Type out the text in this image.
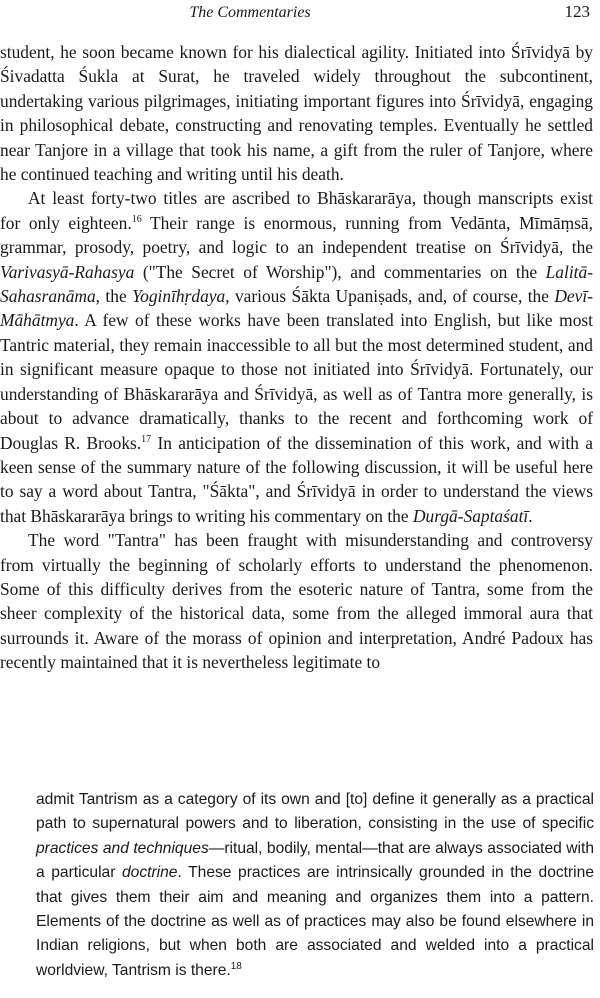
The Commentaries	123

student, he soon became known for his dialectical agility. Initiated into Śrīvidyā by Śivadatta Śukla at Surat, he traveled widely throughout the subcontinent, undertaking various pilgrimages, initiating important figures into Śrīvidyā, engaging in philosophical debate, constructing and renovating temples. Eventually he settled near Tanjore in a village that took his name, a gift from the ruler of Tanjore, where he continued teaching and writing until his death.

At least forty-two titles are ascribed to Bhāskararāya, though manscripts exist for only eighteen.$^{16}$ Their range is enormous, running from Vedānta, Mīmāṃsā, grammar, prosody, poetry, and logic to an independent treatise on Śrīvidyā, the Varivasyā-Rahasya ("The Secret of Worship"), and commentaries on the Lalitā-Sahasranāma, the Yoginīhṛdaya, various Śākta Upaniṣads, and, of course, the Devī-Māhātmya. A few of these works have been translated into English, but like most Tantric material, they remain inaccessible to all but the most determined student, and in significant measure opaque to those not initiated into Śrīvidyā. Fortunately, our understanding of Bhāskararāya and Śrīvidyā, as well as of Tantra more generally, is about to advance dramatically, thanks to the recent and forthcoming work of Douglas R. Brooks.$^{17}$ In anticipation of the dissemination of this work, and with a keen sense of the summary nature of the following discussion, it will be useful here to say a word about Tantra, "Śākta", and Śrīvidyā in order to understand the views that Bhāskararāya brings to writing his commentary on the Durgā-Saptaśatī.

The word "Tantra" has been fraught with misunderstanding and controversy from virtually the beginning of scholarly efforts to understand the phenomenon. Some of this difficulty derives from the esoteric nature of Tantra, some from the sheer complexity of the historical data, some from the alleged immoral aura that surrounds it. Aware of the morass of opinion and interpretation, André Padoux has recently maintained that it is nevertheless legitimate to

admit Tantrism as a category of its own and [to] define it generally as a practical path to supernatural powers and to liberation, consisting in the use of specific practices and techniques—ritual, bodily, mental—that are always associated with a particular doctrine. These practices are intrinsically grounded in the doctrine that gives them their aim and meaning and organizes them into a pattern. Elements of the doctrine as well as of practices may also be found elsewhere in Indian religions, but when both are associated and welded into a practical worldview, Tantrism is there.$^{18}$
